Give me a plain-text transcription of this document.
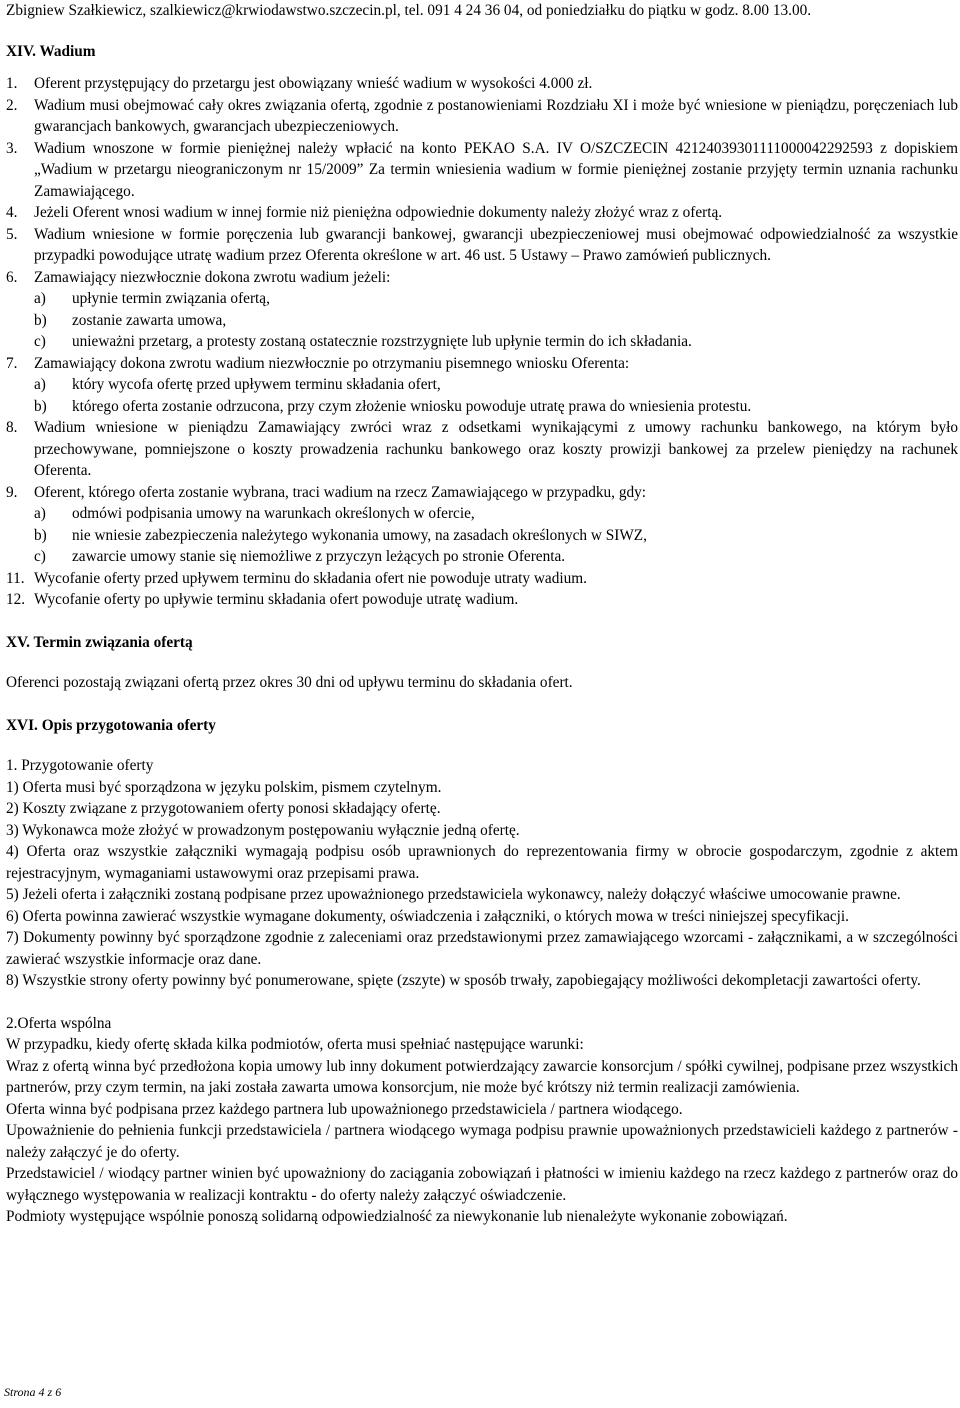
Zbigniew Szałkiewicz, szalkiewicz@krwiodawstwo.szczecin.pl, tel. 091 4 24 36 04, od poniedziałku do piątku w godz. 8.00 13.00.

XIV. Wadium

1.	Oferent przystępujący do przetargu jest obowiązany wnieść wadium w wysokości 4.000 zł.
2.	Wadium musi obejmować cały okres związania ofertą, zgodnie z postanowieniami Rozdziału XI i może być wniesione w pieniądzu, poręczeniach lub gwarancjach bankowych, gwarancjach ubezpieczeniowych.
3.	Wadium wnoszone w formie pieniężnej należy wpłacić na konto PEKAO S.A. IV O/SZCZECIN 42124039301111000042292593 z dopiskiem „Wadium w przetargu nieograniczonym nr 15/2009” Za termin wniesienia wadium w formie pieniężnej zostanie przyjęty termin uznania rachunku Zamawiającego.
4.	Jeżeli Oferent wnosi wadium w innej formie niż pieniężna odpowiednie dokumenty należy złożyć wraz z ofertą.
5.	Wadium wniesione w formie poręczenia lub gwarancji bankowej, gwarancji ubezpieczeniowej musi obejmować odpowiedzialność za wszystkie przypadki powodujące utratę wadium przez Oferenta określone w art. 46 ust. 5 Ustawy – Prawo zamówień publicznych.
6.	Zamawiający niezwłocznie dokona zwrotu wadium jeżeli:
a)	upłynie termin związania ofertą,
b)	zostanie zawarta umowa,
c)	unieważni przetarg, a protesty zostaną ostatecznie rozstrzygnięte lub upłynie termin do ich składania.
7.	Zamawiający dokona zwrotu wadium niezwłocznie po otrzymaniu pisemnego wniosku Oferenta:
a)	który wycofa ofertę przed upływem terminu składania ofert,
b)	którego oferta zostanie odrzucona, przy czym złożenie wniosku powoduje utratę prawa do wniesienia protestu.
8.	Wadium wniesione w pieniądzu Zamawiający zwróci wraz z odsetkami wynikającymi z umowy rachunku bankowego, na którym było przechowywane, pomniejszone o koszty prowadzenia rachunku bankowego oraz koszty prowizji bankowej za przelew pieniędzy na rachunek Oferenta.
9.	Oferent, którego oferta zostanie wybrana, traci wadium na rzecz Zamawiającego w przypadku, gdy:
a)	odmówi podpisania umowy na warunkach określonych w ofercie,
b)	nie wniesie zabezpieczenia należytego wykonania umowy, na zasadach określonych w SIWZ,
c)	zawarcie umowy stanie się niemożliwe z przyczyn leżących po stronie Oferenta.
11. Wycofanie oferty przed upływem terminu do składania ofert nie powoduje utraty wadium.
12. Wycofanie oferty po upływie terminu składania ofert powoduje utratę wadium.

XV. Termin związania ofertą

Oferenci pozostają związani ofertą przez okres 30 dni od upływu terminu do składania ofert.

XVI. Opis przygotowania oferty

1. Przygotowanie oferty

1) Oferta musi być sporządzona w języku polskim, pismem czytelnym.

2) Koszty związane z przygotowaniem oferty ponosi składający ofertę.

3) Wykonawca może złożyć w prowadzonym postępowaniu wyłącznie jedną ofertę.

4) Oferta oraz wszystkie załączniki wymagają podpisu osób uprawnionych do reprezentowania firmy w obrocie gospodarczym, zgodnie z aktem rejestracyjnym, wymaganiami ustawowymi oraz przepisami prawa.

5) Jeżeli oferta i załączniki zostaną podpisane przez upoważnionego przedstawiciela wykonawcy, należy dołączyć właściwe umocowanie prawne.

6) Oferta powinna zawierać wszystkie wymagane dokumenty, oświadczenia i załączniki, o których mowa w treści niniejszej specyfikacji.

7) Dokumenty powinny być sporządzone zgodnie z zaleceniami oraz przedstawionymi przez zamawiającego wzorcami - załącznikami, a w szczególności zawierać wszystkie informacje oraz dane.

8) Wszystkie strony oferty powinny być ponumerowane, spięte (zszyte) w sposób trwały, zapobiegający możliwości dekompletacji zawartości oferty.

2.Oferta wspólna

W przypadku, kiedy ofertę składa kilka podmiotów, oferta musi spełniać następujące warunki:

Wraz z ofertą winna być przedłożona kopia umowy lub inny dokument potwierdzający zawarcie konsorcjum / spółki cywilnej, podpisane przez wszystkich partnerów, przy czym termin, na jaki została zawarta umowa konsorcjum, nie może być krótszy niż termin realizacji zamówienia.

Oferta winna być podpisana przez każdego partnera lub upoważnionego przedstawiciela / partnera wiodącego.

Upoważnienie do pełnienia funkcji przedstawiciela / partnera wiodącego wymaga podpisu prawnie upoważnionych przedstawicieli każdego z partnerów - należy załączyć je do oferty.

Przedstawiciel / wiodący partner winien być upoważniony do zaciągania zobowiązań i płatności w imieniu każdego na rzecz każdego z partnerów oraz do wyłącznego występowania w realizacji kontraktu - do oferty należy załączyć oświadczenie.

Podmioty występujące wspólnie ponoszą solidarną odpowiedzialność za niewykonanie lub nienależyte wykonanie zobowiązań.

Strona 4 z 6
